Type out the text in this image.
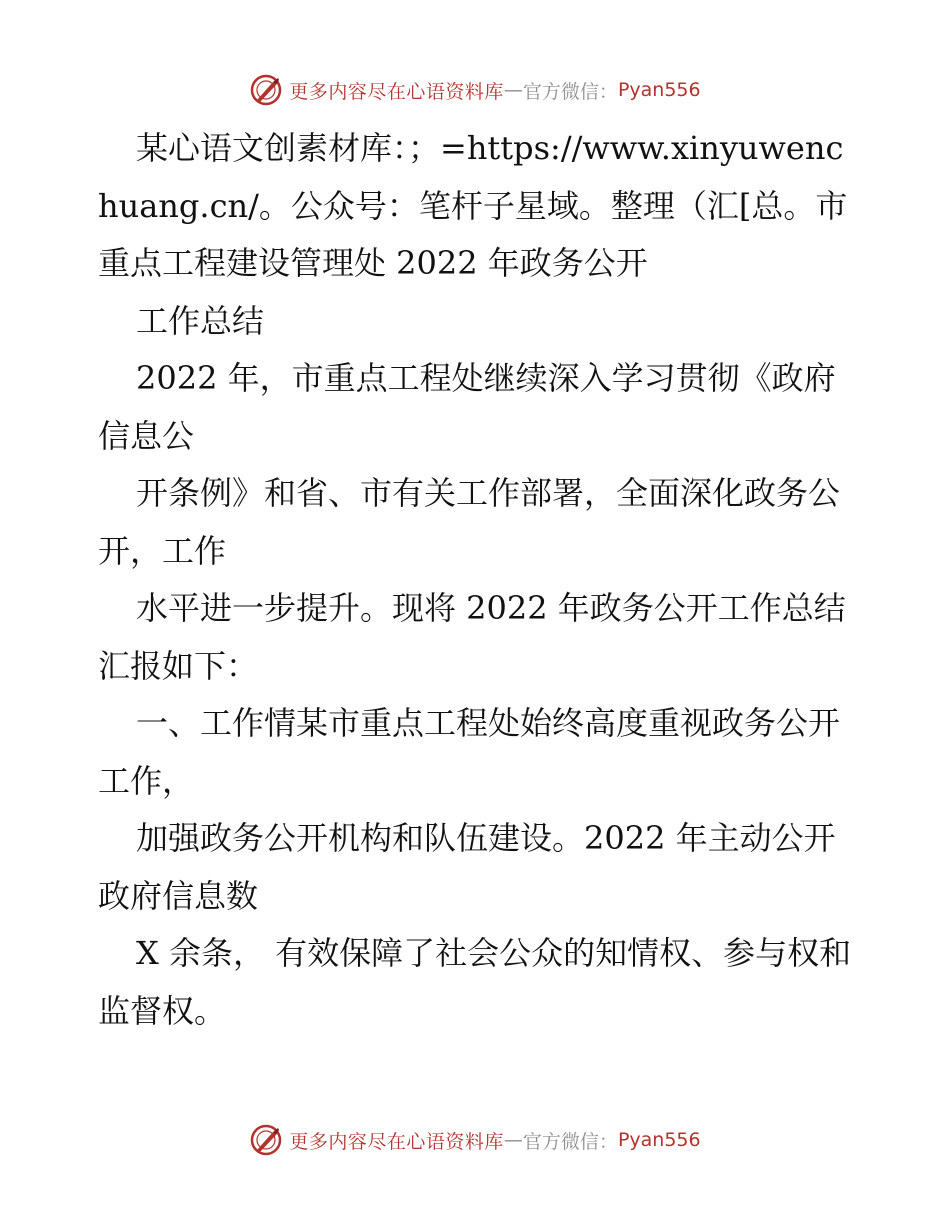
更多内容尽在心语资料库 — 官方微信： Pyan556

某心语文创素材库：；=https://www.xinyuwenchuang.cn/。公众号：笔杆子星域。整理（汇[总。市重点工程建设管理处 2022 年政务公开

工作总结

2022 年，市重点工程处继续深入学习贯彻《政府信息公

开条例》和省、市有关工作部署，全面深化政务公开，工作

水平进一步提升。现将 2022 年政务公开工作总结汇报如下：

一、工作情某市重点工程处始终高度重视政务公开工作，

加强政务公开机构和队伍建设。2022 年主动公开政府信息数

X 余条， 有效保障了社会公众的知情权、参与权和监督权。

更多内容尽在心语资料库 — 官方微信： Pyan556
